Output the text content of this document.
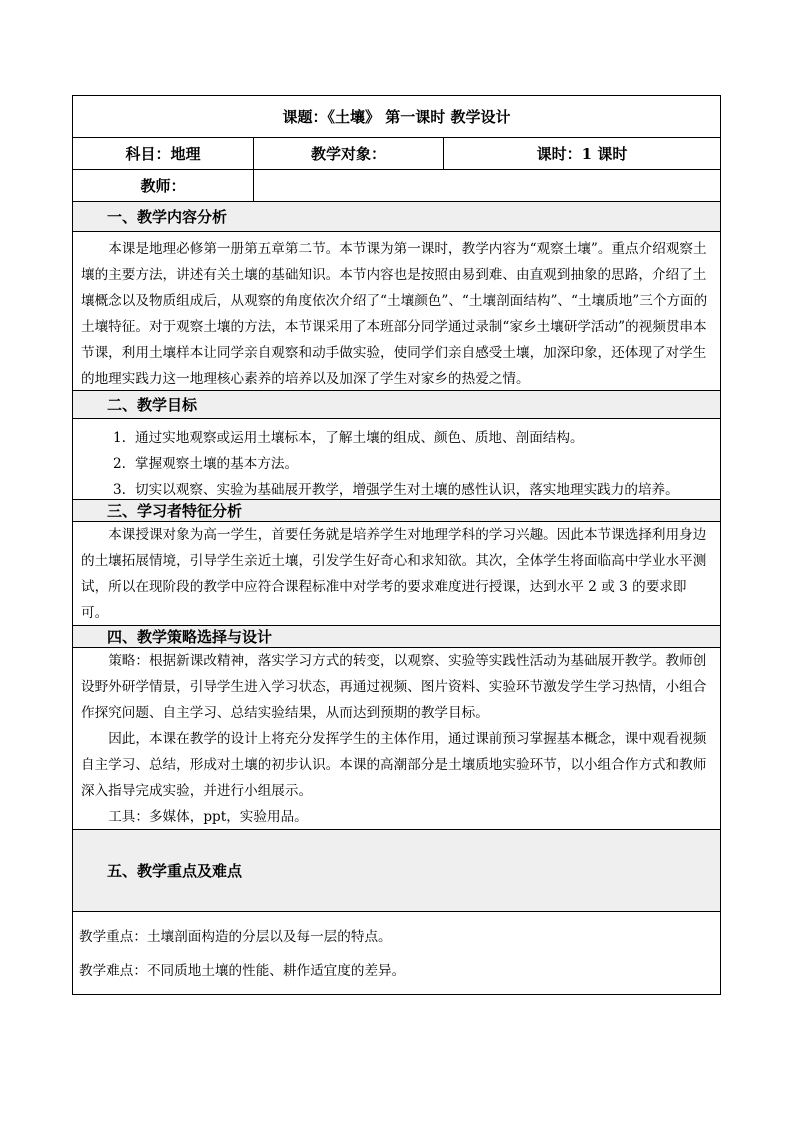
课题：《土壤》 第一课时 教学设计
科目：地理	教学对象：	课时：1 课时
教师：
一、教学内容分析

本课是地理必修第一册第五章第二节。本节课为第一课时，教学内容为“观察土壤”。重点介绍观察土壤的主要方法，讲述有关土壤的基础知识。本节内容也是按照由易到难、由直观到抽象的思路，介绍了土壤概念以及物质组成后，从观察的角度依次介绍了“土壤颜色”、“土壤剖面结构”、“土壤质地”三个方面的土壤特征。对于观察土壤的方法，本节课采用了本班部分同学通过录制“家乡土壤研学活动”的视频贯串本节课，利用土壤样本让同学亲自观察和动手做实验，使同学们亲自感受土壤，加深印象，还体现了对学生的地理实践力这一地理核心素养的培养以及加深了学生对家乡的热爱之情。

二、教学目标
1. 通过实地观察或运用土壤标本，了解土壤的组成、颜色、质地、剖面结构。
2. 掌握观察土壤的基本方法。
3. 切实以观察、实验为基础展开教学，增强学生对土壤的感性认识，落实地理实践力的培养。
三、学习者特征分析

本课授课对象为高一学生，首要任务就是培养学生对地理学科的学习兴趣。因此本节课选择利用身边的土壤拓展情境，引导学生亲近土壤，引发学生好奇心和求知欲。其次，全体学生将面临高中学业水平测试，所以在现阶段的教学中应符合课程标准中对学考的要求难度进行授课，达到水平 2 或 3 的要求即可。

四、教学策略选择与设计

策略：根据新课改精神，落实学习方式的转变，以观察、实验等实践性活动为基础展开教学。教师创设野外研学情景，引导学生进入学习状态，再通过视频、图片资料、实验环节激发学生学习热情，小组合作探究问题、自主学习、总结实验结果，从而达到预期的教学目标。

因此，本课在教学的设计上将充分发挥学生的主体作用，通过课前预习掌握基本概念，课中观看视频自主学习、总结，形成对土壤的初步认识。本课的高潮部分是土壤质地实验环节，以小组合作方式和教师深入指导完成实验，并进行小组展示。

工具：多媒体，ppt，实验用品。

五、教学重点及难点

教学重点：土壤剖面构造的分层以及每一层的特点。

教学难点：不同质地土壤的性能、耕作适宜度的差异。
